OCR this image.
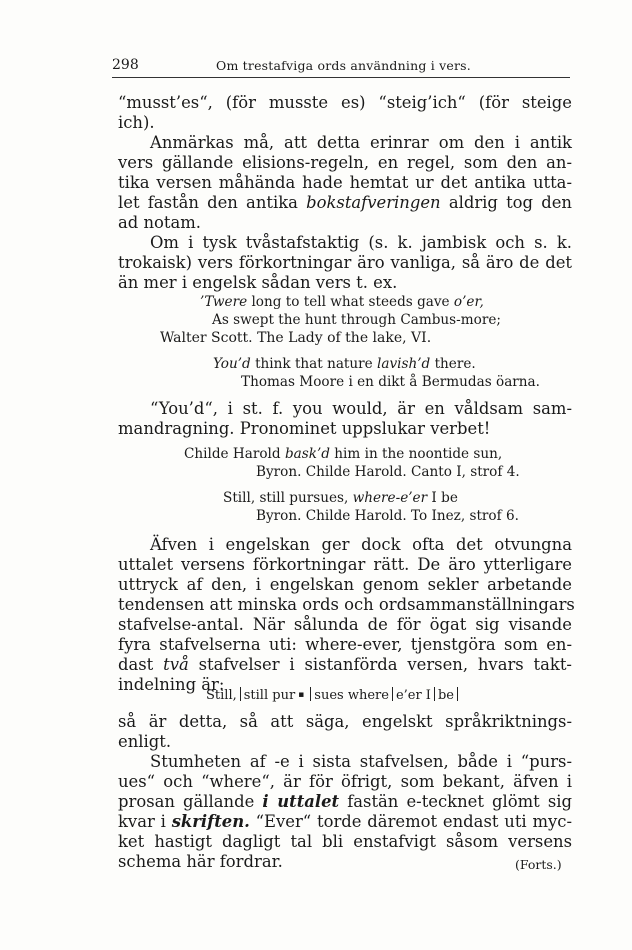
298	Om trestafviga ords användning i vers.
“musst’es“, (för musste es) “steig’ich“ (för steige
ich).
Anmärkas må, att detta erinrar om den i antik
vers gällande elisions-regeln, en regel, som den an-
tika versen måhända hade hemtat ur det antika utta-
let fastån den antika bokstafveringen aldrig tog den
ad notam.
Om i tysk tvåstafstaktig (s. k. jambisk och s. k.
trokaisk) vers förkortningar äro vanliga, så äro de det
än mer i engelsk sådan vers t. ex.
’Twere long to tell what steeds gave o’er,
As swept the hunt through Cambus-more;
Walter Scott. The Lady of the lake, VI.
You’d think that nature lavish’d there.
Thomas Moore i en dikt å Bermudas öarna.
“You’d“, i st. f. you would, är en våldsam sam-
mandragning. Pronominet uppslukar verbet!
Childe Harold bask’d him in the noontide sun,
Byron. Childe Harold. Canto I, strof 4.
Still, still pursues, where-e’er I be
Byron. Childe Harold. To Inez, strof 6.
Äfven i engelskan ger dock ofta det otvungna
uttalet versens förkortningar rätt. De äro ytterligare
uttryck af den, i engelskan genom sekler arbetande
tendensen att minska ords och ordsammanställningars
stafvelse-antal. När sålunda de för ögat sig visande
fyra stafvelserna uti: where-ever, tjenstgöra som en-
dast två stafvelser i sistanförda versen, hvars takt-
indelning är:
Still, still pur ▪ sues where e’er I be
så är detta, så att säga, engelskt språkriktnings-
enligt.
Stumheten af -e i sista stafvelsen, både i “purs-
ues“ och “where“, är för öfrigt, som bekant, äfven i
prosan gällande i uttalet fastän e-tecknet glömt sig
kvar i skriften. “Ever“ torde däremot endast uti myc-
ket hastigt dagligt tal bli enstafvigt såsom versens
schema här fordrar.	(Forts.)
